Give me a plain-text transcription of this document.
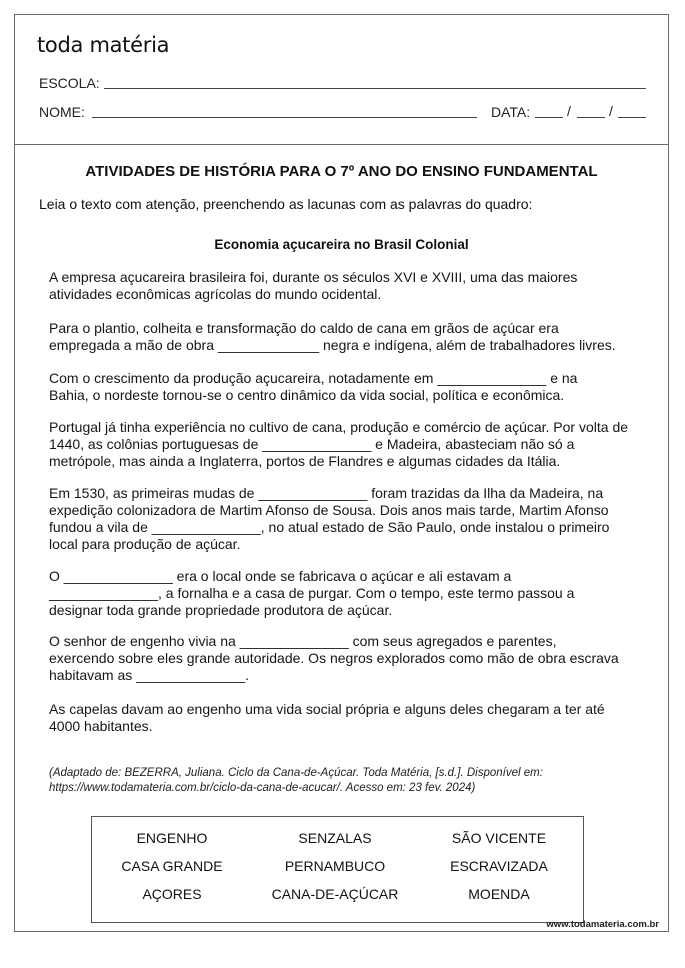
toda matéria
ESCOLA:
NOME:	DATA:	/	/
ATIVIDADES DE HISTÓRIA PARA O 7º ANO DO ENSINO FUNDAMENTAL
Leia o texto com atenção, preenchendo as lacunas com as palavras do quadro:
Economia açucareira no Brasil Colonial
A empresa açucareira brasileira foi, durante os séculos XVI e XVIII, uma das maiores
atividades econômicas agrícolas do mundo ocidental.
Para o plantio, colheita e transformação do caldo de cana em grãos de açúcar era
empregada a mão de obra _____________ negra e indígena, além de trabalhadores livres.
Com o crescimento da produção açucareira, notadamente em ______________ e na
Bahia, o nordeste tornou-se o centro dinâmico da vida social, política e econômica.
Portugal já tinha experiência no cultivo de cana, produção e comércio de açúcar. Por volta de
1440, as colônias portuguesas de ______________ e Madeira, abasteciam não só a
metrópole, mas ainda a Inglaterra, portos de Flandres e algumas cidades da Itália.
Em 1530, as primeiras mudas de ______________ foram trazidas da Ilha da Madeira, na
expedição colonizadora de Martim Afonso de Sousa. Dois anos mais tarde, Martim Afonso
fundou a vila de ______________, no atual estado de São Paulo, onde instalou o primeiro
local para produção de açúcar.
O ______________ era o local onde se fabricava o açúcar e ali estavam a
______________, a fornalha e a casa de purgar. Com o tempo, este termo passou a
designar toda grande propriedade produtora de açúcar.
O senhor de engenho vivia na ______________ com seus agregados e parentes,
exercendo sobre eles grande autoridade. Os negros explorados como mão de obra escrava
habitavam as ______________.
As capelas davam ao engenho uma vida social própria e alguns deles chegaram a ter até
4000 habitantes.
(Adaptado de: BEZERRA, Juliana. Ciclo da Cana-de-Açúcar. Toda Matéria, [s.d.]. Disponível em:
https://www.todamateria.com.br/ciclo-da-cana-de-acucar/. Acesso em: 23 fev. 2024)
ENGENHO	SENZALAS	SÃO VICENTE
CASA GRANDE	PERNAMBUCO	ESCRAVIZADA
AÇORES	CANA-DE-AÇÚCAR	MOENDA
www.todamateria.com.br
